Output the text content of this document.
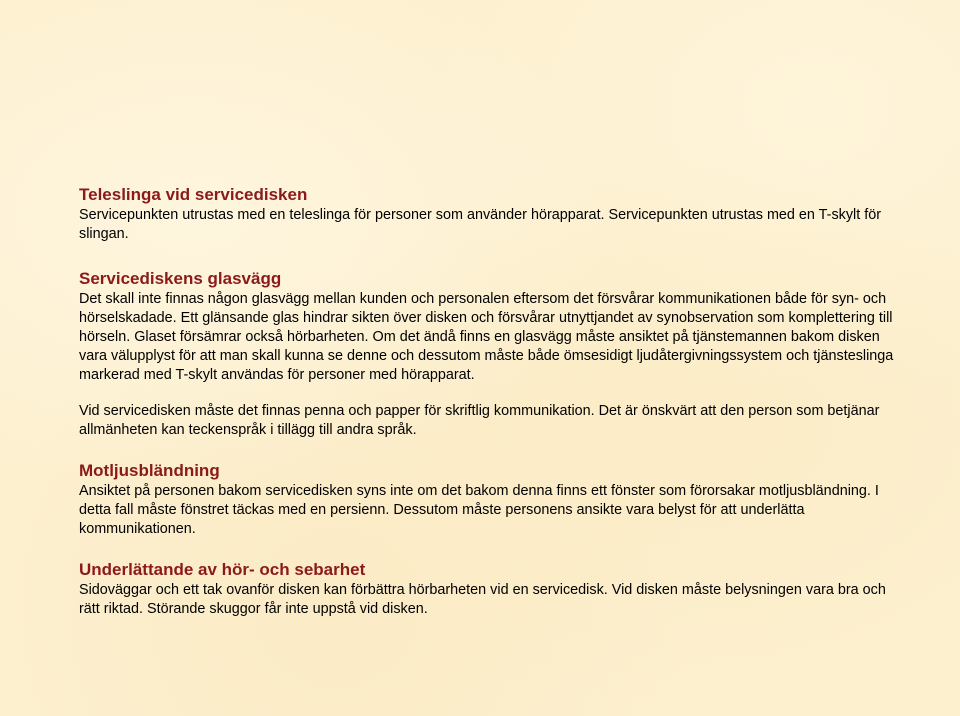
Teleslinga vid servicedisken

Servicepunkten utrustas med en teleslinga för personer som använder hörapparat. Servicepunkten utrustas med en T-skylt för slingan.

Servicediskens glasvägg

Det skall inte finnas någon glasvägg mellan kunden och personalen eftersom det försvårar kommunikationen både för syn- och hörselskadade. Ett glänsande glas hindrar sikten över disken och försvårar utnyttjandet av synobservation som komplettering till hörseln. Glaset försämrar också hörbarheten. Om det ändå finns en glasvägg måste ansiktet på tjänstemannen bakom disken vara välupplyst för att man skall kunna se denne och dessutom måste både ömsesidigt ljudåtergivningssystem och tjänsteslinga markerad med T-skylt användas för personer med hörapparat.

Vid servicedisken måste det finnas penna och papper för skriftlig kommunikation. Det är önskvärt att den person som betjänar allmänheten kan teckenspråk i tillägg till andra språk.

Motljusbländning

Ansiktet på personen bakom servicedisken syns inte om det bakom denna finns ett fönster som förorsakar motljusbländning. I detta fall måste fönstret täckas med en persienn. Dessutom måste personens ansikte vara belyst för att underlätta kommunikationen.

Underlättande av hör- och sebarhet

Sidoväggar och ett tak ovanför disken kan förbättra hörbarheten vid en servicedisk. Vid disken måste belysningen vara bra och rätt riktad. Störande skuggor får inte uppstå vid disken.
